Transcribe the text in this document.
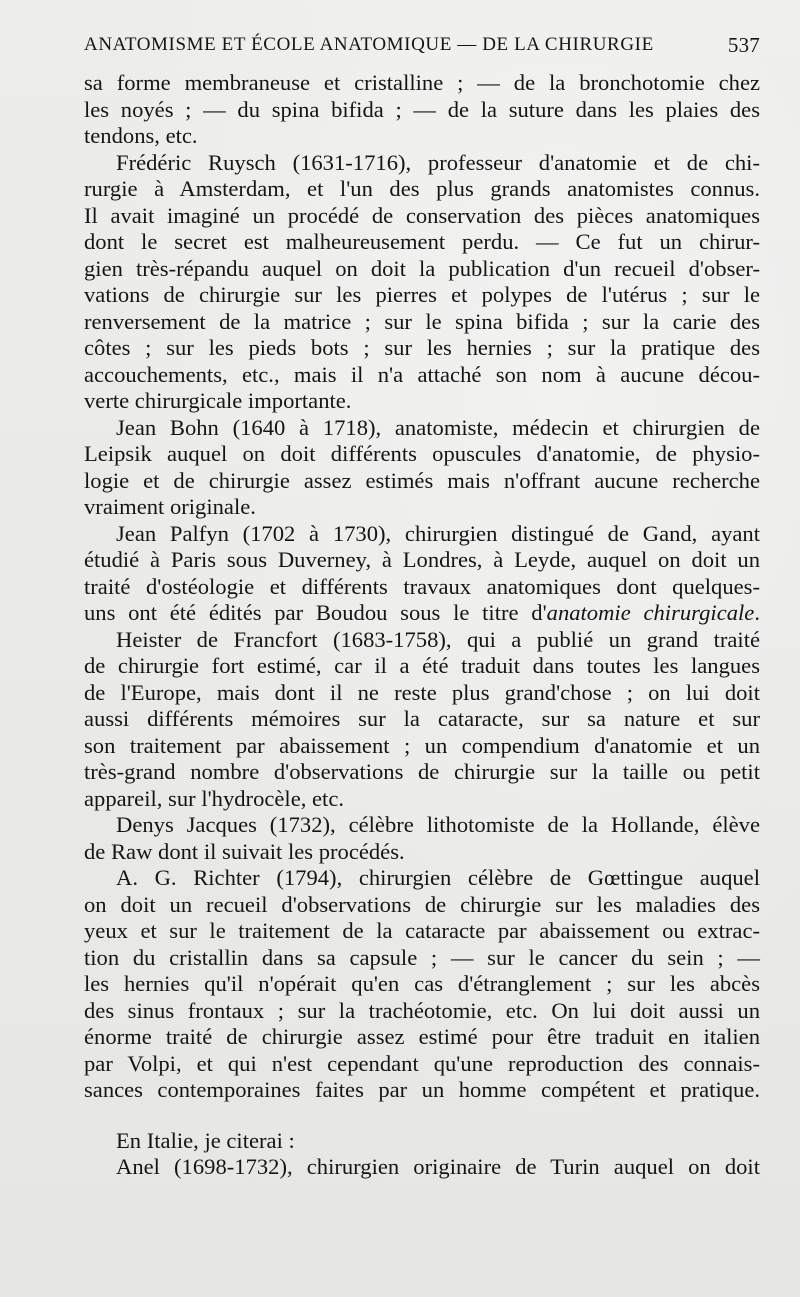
ANATOMISME ET ÉCOLE ANATOMIQUE — DE LA CHIRURGIE	537
sa forme membraneuse et cristalline ; — de la bronchotomie chez
les noyés ; — du spina bifida ; — de la suture dans les plaies des
tendons, etc.
Frédéric Ruysch (1631-1716), professeur d'anatomie et de chi-
rurgie à Amsterdam, et l'un des plus grands anatomistes connus.
Il avait imaginé un procédé de conservation des pièces anatomiques
dont le secret est malheureusement perdu. — Ce fut un chirur-
gien très-répandu auquel on doit la publication d'un recueil d'obser-
vations de chirurgie sur les pierres et polypes de l'utérus ; sur le
renversement de la matrice ; sur le spina bifida ; sur la carie des
côtes ; sur les pieds bots ; sur les hernies ; sur la pratique des
accouchements, etc., mais il n'a attaché son nom à aucune décou-
verte chirurgicale importante.
Jean Bohn (1640 à 1718), anatomiste, médecin et chirurgien de
Leipsik auquel on doit différents opuscules d'anatomie, de physio-
logie et de chirurgie assez estimés mais n'offrant aucune recherche
vraiment originale.
Jean Palfyn (1702 à 1730), chirurgien distingué de Gand, ayant
étudié à Paris sous Duverney, à Londres, à Leyde, auquel on doit un
traité d'ostéologie et différents travaux anatomiques dont quelques-
uns ont été édités par Boudou sous le titre d'anatomie chirurgicale.
Heister de Francfort (1683-1758), qui a publié un grand traité
de chirurgie fort estimé, car il a été traduit dans toutes les langues
de l'Europe, mais dont il ne reste plus grand'chose ; on lui doit
aussi différents mémoires sur la cataracte, sur sa nature et sur
son traitement par abaissement ; un compendium d'anatomie et un
très-grand nombre d'observations de chirurgie sur la taille ou petit
appareil, sur l'hydrocèle, etc.
Denys Jacques (1732), célèbre lithotomiste de la Hollande, élève
de Raw dont il suivait les procédés.
A. G. Richter (1794), chirurgien célèbre de Gœttingue auquel
on doit un recueil d'observations de chirurgie sur les maladies des
yeux et sur le traitement de la cataracte par abaissement ou extrac-
tion du cristallin dans sa capsule ; — sur le cancer du sein ; —
les hernies qu'il n'opérait qu'en cas d'étranglement ; sur les abcès
des sinus frontaux ; sur la trachéotomie, etc. On lui doit aussi un
énorme traité de chirurgie assez estimé pour être traduit en italien
par Volpi, et qui n'est cependant qu'une reproduction des connais-
sances contemporaines faites par un homme compétent et pratique.
En Italie, je citerai :
Anel (1698-1732), chirurgien originaire de Turin auquel on doit
